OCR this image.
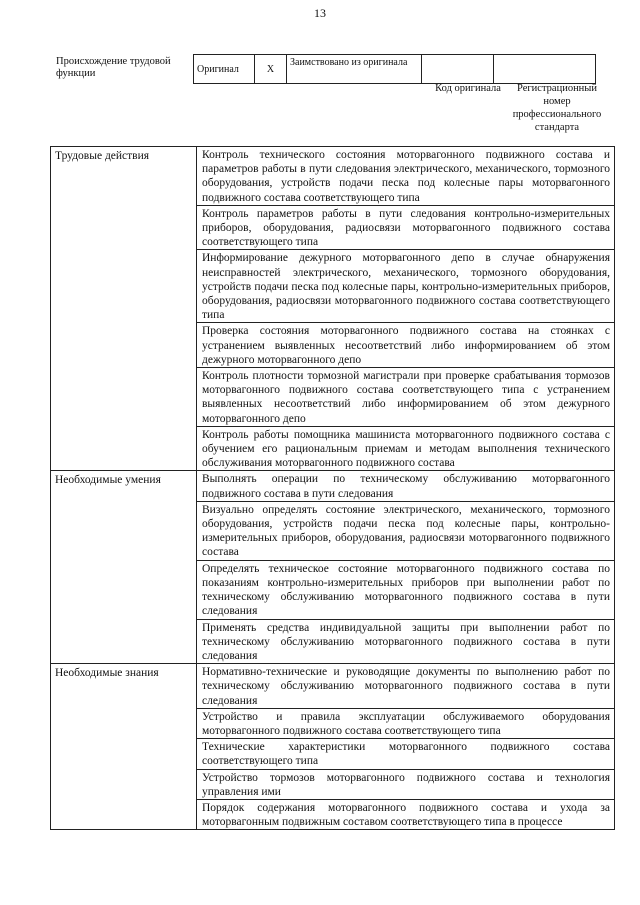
13
Происхождение трудовой функции	Оригинал	X	Заимствовано из оригинала		
Код оригинала	Регистрационный номер профессионального стандарта
Трудовые действия	Контроль технического состояния моторвагонного подвижного состава и параметров работы в пути следования электрического, механического, тормозного оборудования, устройств подачи песка под колесные пары моторвагонного подвижного состава соответствующего типа
	Контроль параметров работы в пути следования контрольно-измерительных приборов, оборудования, радиосвязи моторвагонного подвижного состава соответствующего типа
	Информирование дежурного моторвагонного депо в случае обнаружения неисправностей электрического, механического, тормозного оборудования, устройств подачи песка под колесные пары, контрольно-измерительных приборов, оборудования, радиосвязи моторвагонного подвижного состава соответствующего типа
	Проверка состояния моторвагонного подвижного состава на стоянках с устранением выявленных несоответствий либо информированием об этом дежурного моторвагонного депо
	Контроль плотности тормозной магистрали при проверке срабатывания тормозов моторвагонного подвижного состава соответствующего типа с устранением выявленных несоответствий либо информированием об этом дежурного моторвагонного депо
	Контроль работы помощника машиниста моторвагонного подвижного состава с обучением его рациональным приемам и методам выполнения технического обслуживания моторвагонного подвижного состава
Необходимые умения	Выполнять операции по техническому обслуживанию моторвагонного подвижного состава в пути следования
	Визуально определять состояние электрического, механического, тормозного оборудования, устройств подачи песка под колесные пары, контрольно-измерительных приборов, оборудования, радиосвязи моторвагонного подвижного состава
	Определять техническое состояние моторвагонного подвижного состава по показаниям контрольно-измерительных приборов при выполнении работ по техническому обслуживанию моторвагонного подвижного состава в пути следования
	Применять средства индивидуальной защиты при выполнении работ по техническому обслуживанию моторвагонного подвижного состава в пути следования
Необходимые знания	Нормативно-технические и руководящие документы по выполнению работ по техническому обслуживанию моторвагонного подвижного состава в пути следования
	Устройство и правила эксплуатации обслуживаемого оборудования моторвагонного подвижного состава соответствующего типа
	Технические характеристики моторвагонного подвижного состава соответствующего типа
	Устройство тормозов моторвагонного подвижного состава и технология управления ими
	Порядок содержания моторвагонного подвижного состава и ухода за моторвагонным подвижным составом соответствующего типа в процессе
